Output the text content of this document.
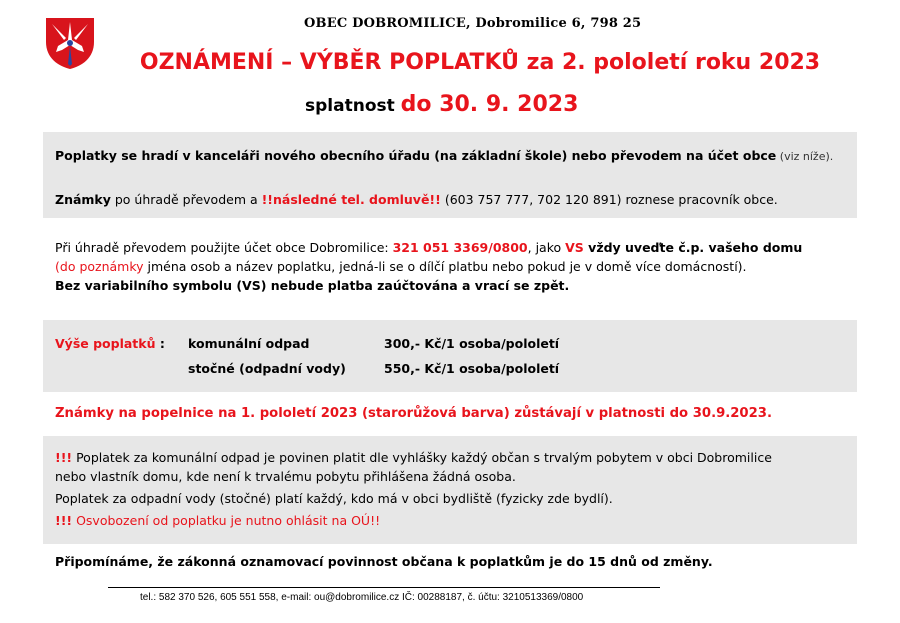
OBEC DOBROMILICE, Dobromilice 6, 798 25
OZNÁMENÍ – VÝBĚR POPLATKŮ za 2. pololetí roku 2023
splatnost do 30. 9. 2023
Poplatky se hradí v kanceláři nového obecního úřadu (na základní škole) nebo převodem na účet obce (viz níže).
Známky po úhradě převodem a !!následné tel. domluvě!! (603 757 777, 702 120 891) roznese pracovník obce.
Při úhradě převodem použijte účet obce Dobromilice: 321 051 3369/0800, jako VS vždy uveďte č.p. vašeho domu
(do poznámky jména osob a název poplatku, jedná-li se o dílčí platbu nebo pokud je v domě více domácností).
Bez variabilního symbolu (VS) nebude platba zaúčtována a vrací se zpět.
Výše poplatků : komunální odpad	300,- Kč/1 osoba/pololetí
stočné (odpadní vody)	550,- Kč/1 osoba/pololetí
Známky na popelnice na 1. pololetí 2023 (starorůžová barva) zůstávají v platnosti do 30.9.2023.
!!! Poplatek za komunální odpad je povinen platit dle vyhlášky každý občan s trvalým pobytem v obci Dobromilice
nebo vlastník domu, kde není k trvalému pobytu přihlášena žádná osoba.
Poplatek za odpadní vody (stočné) platí každý, kdo má v obci bydliště (fyzicky zde bydlí).
!!! Osvobození od poplatku je nutno ohlásit na OÚ!!
Připomínáme, že zákonná oznamovací povinnost občana k poplatkům je do 15 dnů od změny.
tel.: 582 370 526, 605 551 558, e-mail: ou@dobromilice.cz IČ: 00288187, č. účtu: 3210513369/0800
